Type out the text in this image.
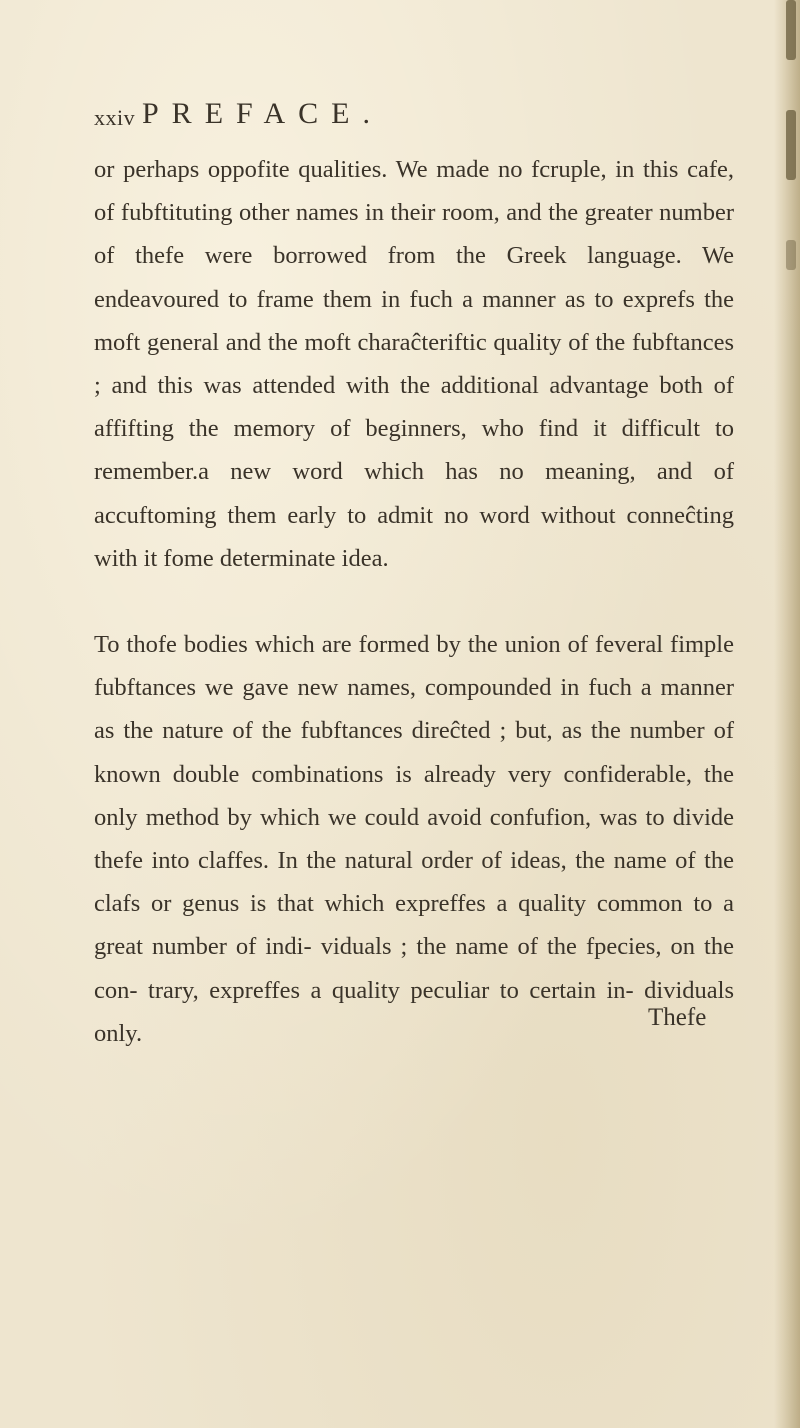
xxiv PREFACE.

or perhaps oppofite qualities. We made no fcruple, in this cafe, of fubftituting other names in their room, and the greater number of thefe were borrowed from the Greek language. We endeavoured to frame them in fuch a manner as to exprefs the moft general and the moft charaĉteriftic quality of the fubftances ; and this was attended with the additional advantage both of affifting the memory of beginners, who find it difficult to remember.a new word which has no meaning, and of accuftoming them early to admit no word without conneĉting with it fome determinate idea.

To thofe bodies which are formed by the union of feveral fimple fubftances we gave new names, compounded in fuch a manner as the nature of the fubftances direĉted ; but, as the number of known double combinations is already very confiderable, the only method by which we could avoid confufion, was to divide thefe into claffes. In the natural order of ideas, the name of the clafs or genus is that which expreffes a quality common to a great number of indi- viduals ; the name of the fpecies, on the con- trary, expreffes a quality peculiar to certain in- dividuals only.

Thefe
